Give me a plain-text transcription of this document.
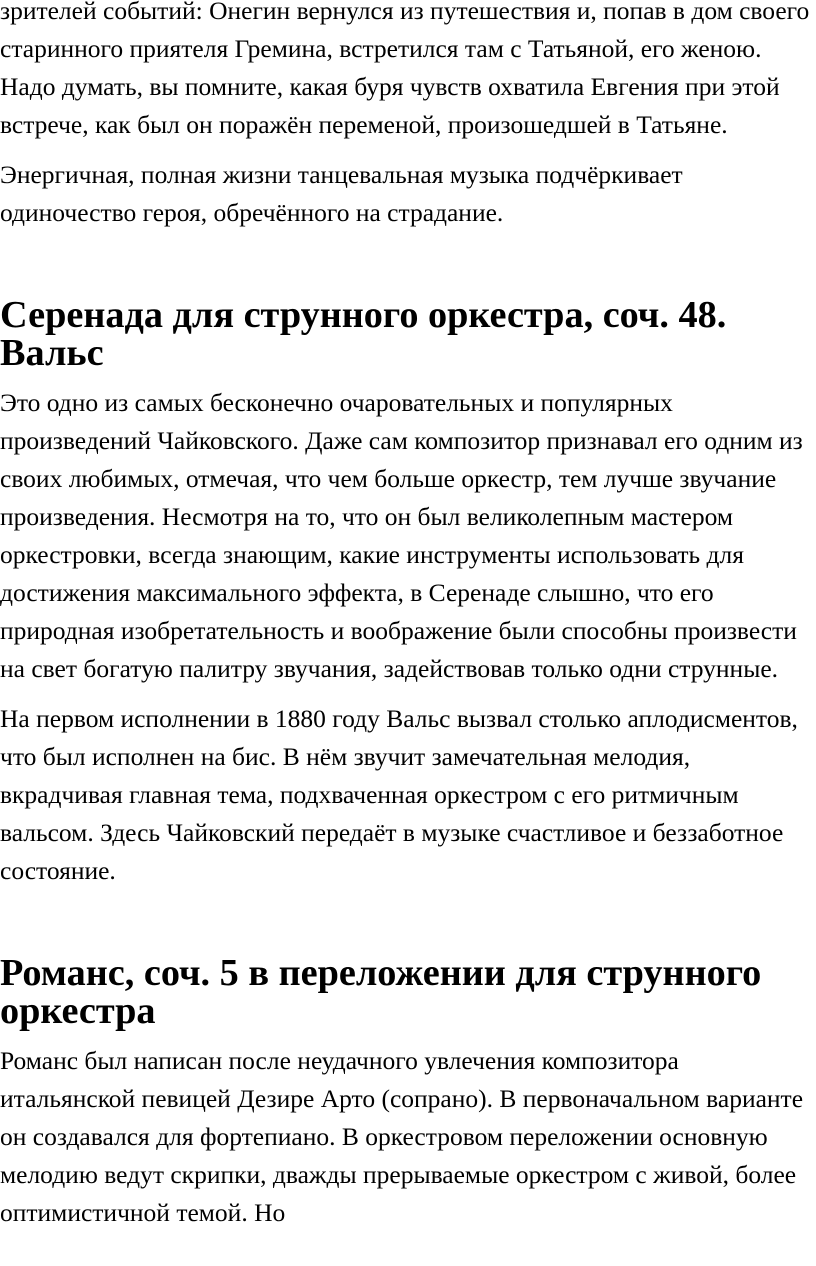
зрителей событий: Онегин вернулся из путешествия и, попав в дом своего старинного приятеля Гремина, встретился там с Татьяной, его женою. Надо думать, вы помните, какая буря чувств охватила Евгения при этой встрече, как был он поражён переменой, произошедшей в Татьяне.

Энергичная, полная жизни танцевальная музыка подчёркивает одиночество героя, обречённого на страдание.

Серенада для струнного оркестра, соч. 48. Вальс

Это одно из самых бесконечно очаровательных и популярных произведений Чайковского. Даже сам композитор признавал его одним из своих любимых, отмечая, что чем больше оркестр, тем лучше звучание произведения. Несмотря на то, что он был великолепным мастером оркестровки, всегда знающим, какие инструменты использовать для достижения максимального эффекта, в Серенаде слышно, что его природная изобретательность и воображение были способны произвести на свет богатую палитру звучания, задействовав только одни струнные.

На первом исполнении в 1880 году Вальс вызвал столько аплодисментов, что был исполнен на бис. В нём звучит замечательная мелодия, вкрадчивая главная тема, подхваченная оркестром с его ритмичным вальсом. Здесь Чайковский передаёт в музыке счастливое и беззаботное состояние.

Романс, соч. 5 в переложении для струнного оркестра

Романс был написан после неудачного увлечения композитора итальянской певицей Дезире Арто (сопрано). В первоначальном варианте он создавался для фортепиано. В оркестровом переложении основную мелодию ведут скрипки, дважды прерываемые оркестром с живой, более оптимистичной темой. Но
